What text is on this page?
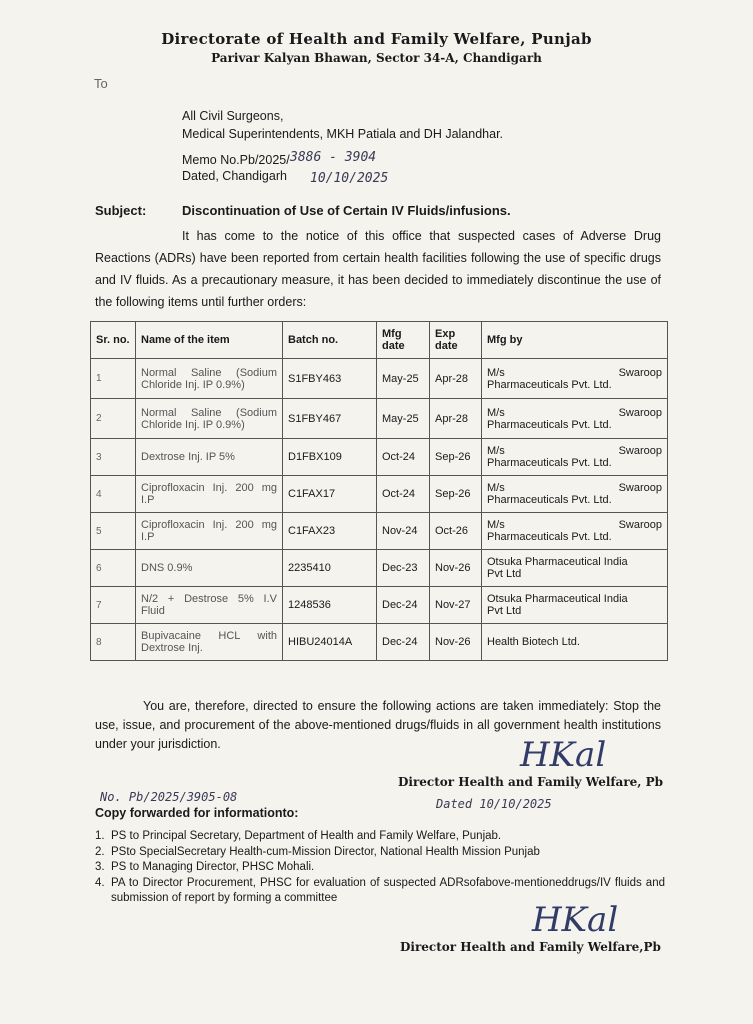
Directorate of Health and Family Welfare, Punjab
Parivar Kalyan Bhawan, Sector 34-A, Chandigarh
To
All Civil Surgeons,
Medical Superintendents, MKH Patiala and DH Jalandhar.
Memo No.Pb/2025/ 3886 - 3904
Dated, Chandigarh 10/10/2025
Subject:	Discontinuation of Use of Certain IV Fluids/infusions.

It has come to the notice of this office that suspected cases of Adverse Drug Reactions (ADRs) have been reported from certain health facilities following the use of specific drugs and IV fluids. As a precautionary measure, it has been decided to immediately discontinue the use of the following items until further orders:

Sr. no.	Name of the item	Batch no.	Mfg date	Exp date	Mfg by
1	Normal Saline (Sodium Chloride Inj. IP 0.9%)	S1FBY463	May-25	Apr-28	M/s Swaroop
Pharmaceuticals Pvt. Ltd.

2	Normal Saline (Sodium Chloride Inj. IP 0.9%)	S1FBY467	May-25	Apr-28	M/s Swaroop
Pharmaceuticals Pvt. Ltd.

3	Dextrose Inj. IP 5%	D1FBX109	Oct-24	Sep-26	M/s Swaroop
Pharmaceuticals Pvt. Ltd.

4	Ciprofloxacin Inj. 200 mg I.P	C1FAX17	Oct-24	Sep-26	M/s Swaroop
Pharmaceuticals Pvt. Ltd.

5	Ciprofloxacin Inj. 200 mg I.P	C1FAX23	Nov-24	Oct-26	M/s Swaroop
Pharmaceuticals Pvt. Ltd.

6	DNS 0.9%	2235410	Dec-23	Nov-26	Otsuka Pharmaceutical India
Pvt Ltd

7	N/2 + Destrose 5% I.V Fluid	1248536	Dec-24	Nov-27	Otsuka Pharmaceutical India
Pvt Ltd

8	Bupivacaine HCL with Dextrose Inj.	HIBU24014A	Dec-24	Nov-26	Health Biotech Ltd.

You are, therefore, directed to ensure the following actions are taken immediately: Stop the use, issue, and procurement of the above-mentioned drugs/fluids in all government health institutions under your jurisdiction.	HKal
Director Health and Family Welfare, Pb
Dated 10/10/2025
No. Pb/2025/3905-08
Copy forwarded for informationto:
1. PS to Principal Secretary, Department of Health and Family Welfare, Punjab.
2. PSto SpecialSecretary Health-cum-Mission Director, National Health Mission Punjab
3. PS to Managing Director, PHSC Mohali.
4. PA to Director Procurement, PHSC for evaluation of suspected ADRsofabove-mentioneddrugs/IV fluids and submission of report by forming a committee
HKal
Director Health and Family Welfare,Pb
